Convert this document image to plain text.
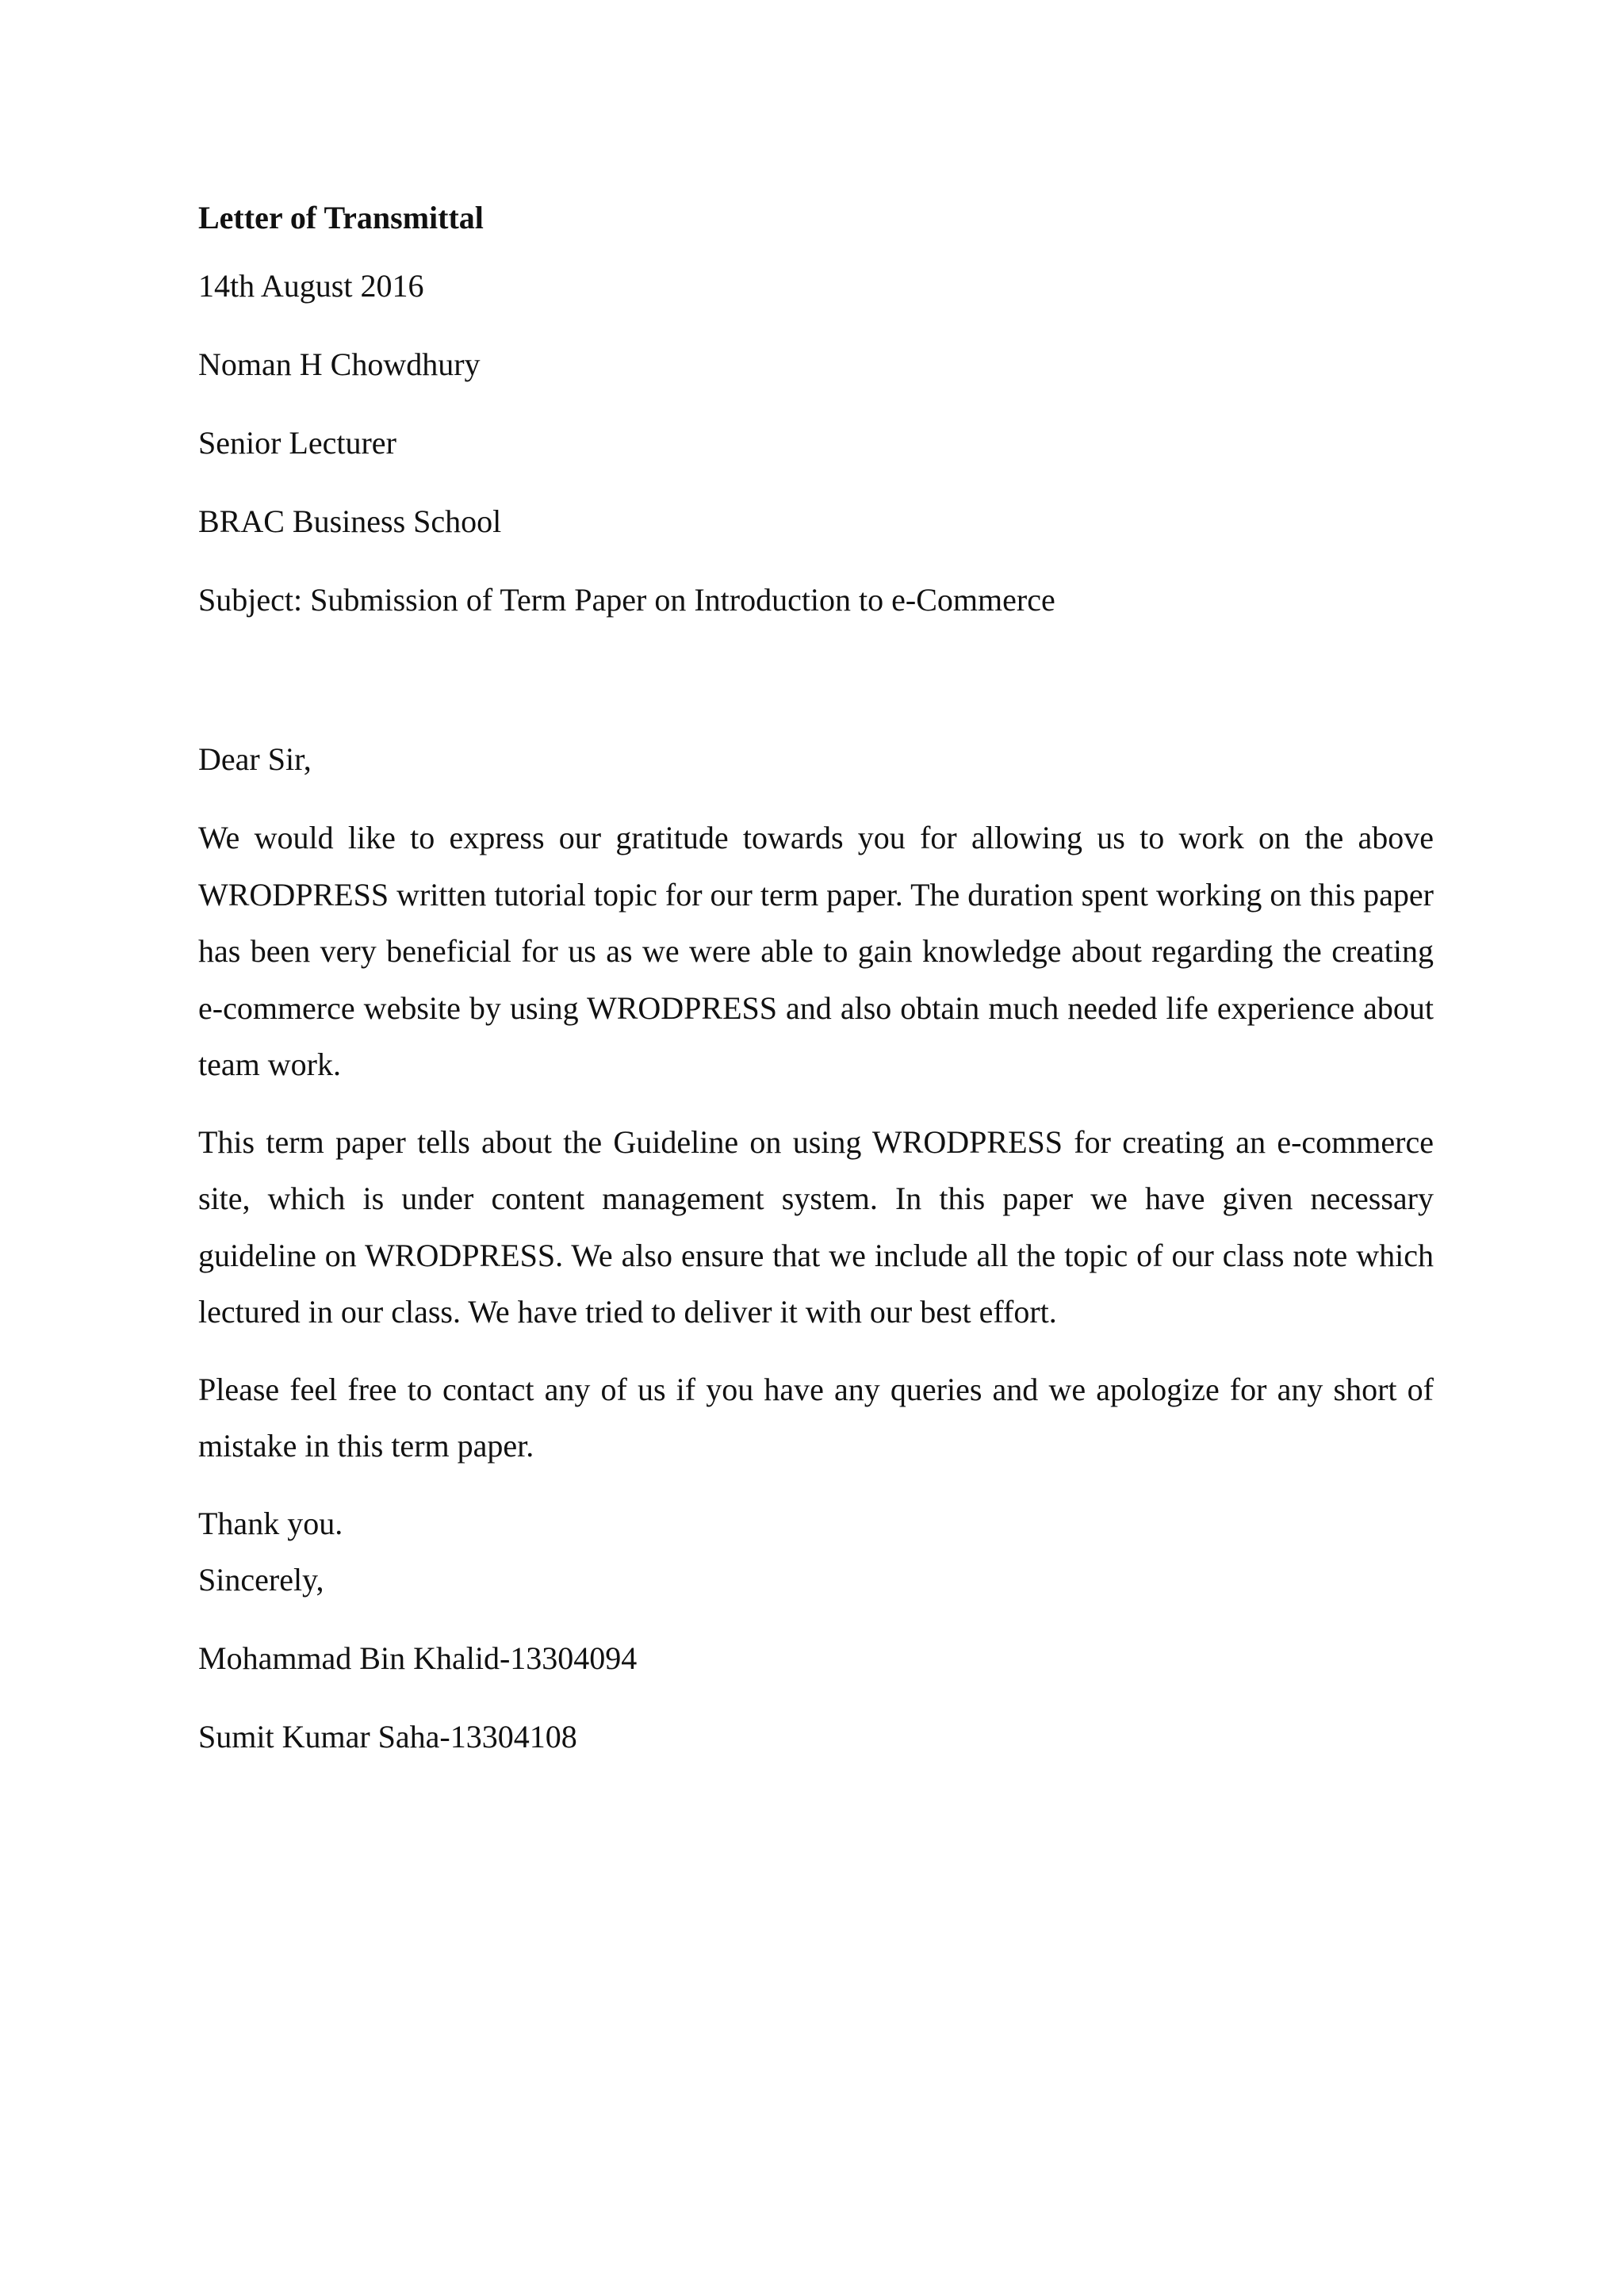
Letter of Transmittal
14th August 2016
Noman H Chowdhury
Senior Lecturer
BRAC Business School
Subject: Submission of Term Paper on Introduction to e-Commerce
Dear Sir,
We would like to express our gratitude towards you for allowing us to work on the above WRODPRESS written tutorial topic for our term paper. The duration spent working on this paper has been very beneficial for us as we were able to gain knowledge about regarding the creating e-commerce website by using WRODPRESS and also obtain much needed life experience about team work.
This term paper tells about the Guideline on using WRODPRESS for creating an e-commerce site, which is under content management system. In this paper we have given necessary guideline on WRODPRESS. We also ensure that we include all the topic of our class note which lectured in our class. We have tried to deliver it with our best effort.
Please feel free to contact any of us if you have any queries and we apologize for any short of mistake in this term paper.
Thank you.
Sincerely,
Mohammad Bin Khalid-13304094
Sumit Kumar Saha-13304108
